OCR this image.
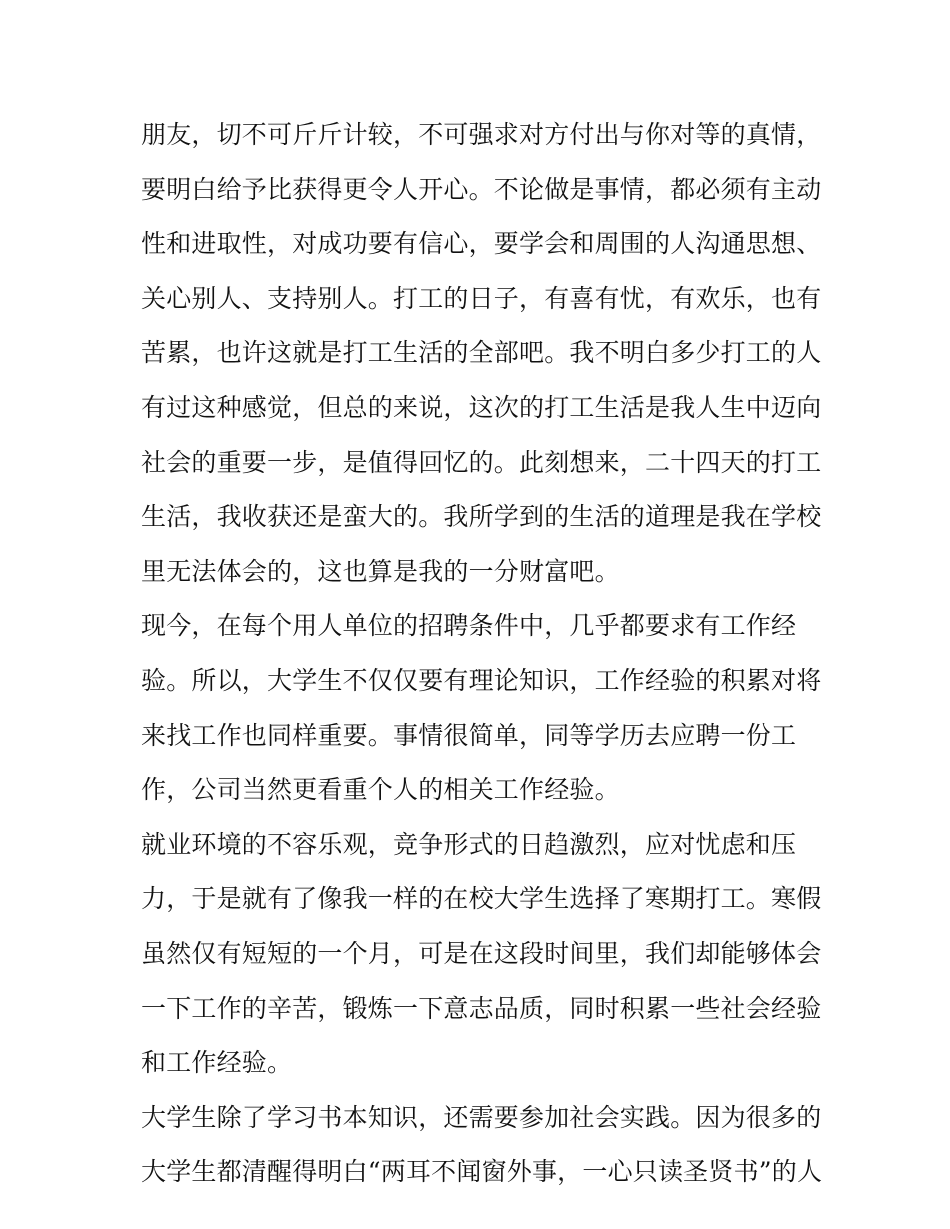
朋友，切不可斤斤计较，不可强求对方付出与你对等的真情，
要明白给予比获得更令人开心。不论做是事情，都必须有主动
性和进取性，对成功要有信心，要学会和周围的人沟通思想、
关心别人、支持别人。打工的日子，有喜有忧，有欢乐，也有
苦累，也许这就是打工生活的全部吧。我不明白多少打工的人
有过这种感觉，但总的来说，这次的打工生活是我人生中迈向
社会的重要一步，是值得回忆的。此刻想来，二十四天的打工
生活，我收获还是蛮大的。我所学到的生活的道理是我在学校
里无法体会的，这也算是我的一分财富吧。
现今，在每个用人单位的招聘条件中，几乎都要求有工作经
验。所以，大学生不仅仅要有理论知识，工作经验的积累对将
来找工作也同样重要。事情很简单，同等学历去应聘一份工
作，公司当然更看重个人的相关工作经验。
就业环境的不容乐观，竞争形式的日趋激烈，应对忧虑和压
力，于是就有了像我一样的在校大学生选择了寒期打工。寒假
虽然仅有短短的一个月，可是在这段时间里，我们却能够体会
一下工作的辛苦，锻炼一下意志品质，同时积累一些社会经验
和工作经验。
大学生除了学习书本知识，还需要参加社会实践。因为很多的
大学生都清醒得明白“两耳不闻窗外事，一心只读圣贤书”的人
